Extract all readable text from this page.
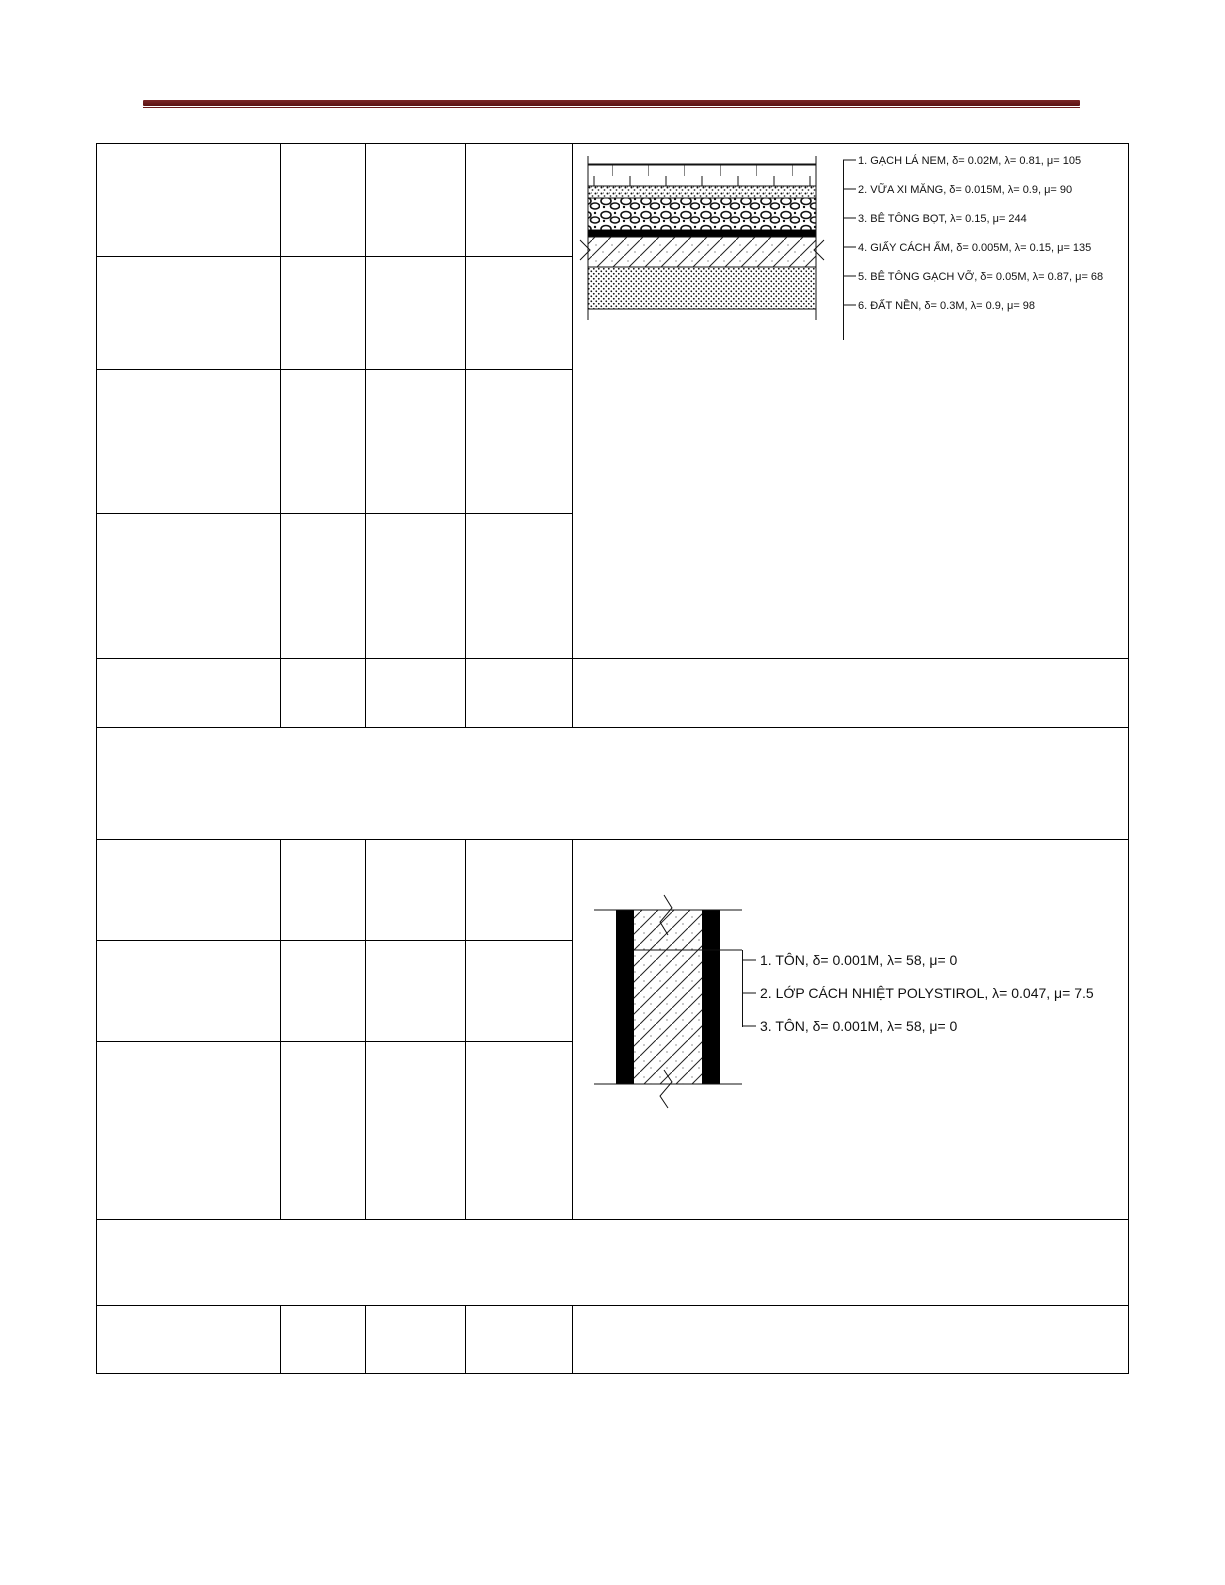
1. GẠCH LÁ NEM, δ= 0.02M, λ= 0.81, μ= 105
2. VỮA XI MĂNG, δ= 0.015M, λ= 0.9, μ= 90
3. BÊ TÔNG BỌT, λ= 0.15, μ= 244
4. GIẤY CÁCH ẨM, δ= 0.005M, λ= 0.15, μ= 135
5. BÊ TÔNG GẠCH VỠ, δ= 0.05M, λ= 0.87, μ= 68
6. ĐẤT NỀN, δ= 0.3M, λ= 0.9, μ= 98
1. TÔN, δ= 0.001M, λ= 58, μ= 0
2. LỚP CÁCH NHIỆT POLYSTIROL, λ= 0.047, μ= 7.5
3. TÔN, δ= 0.001M, λ= 58, μ= 0
